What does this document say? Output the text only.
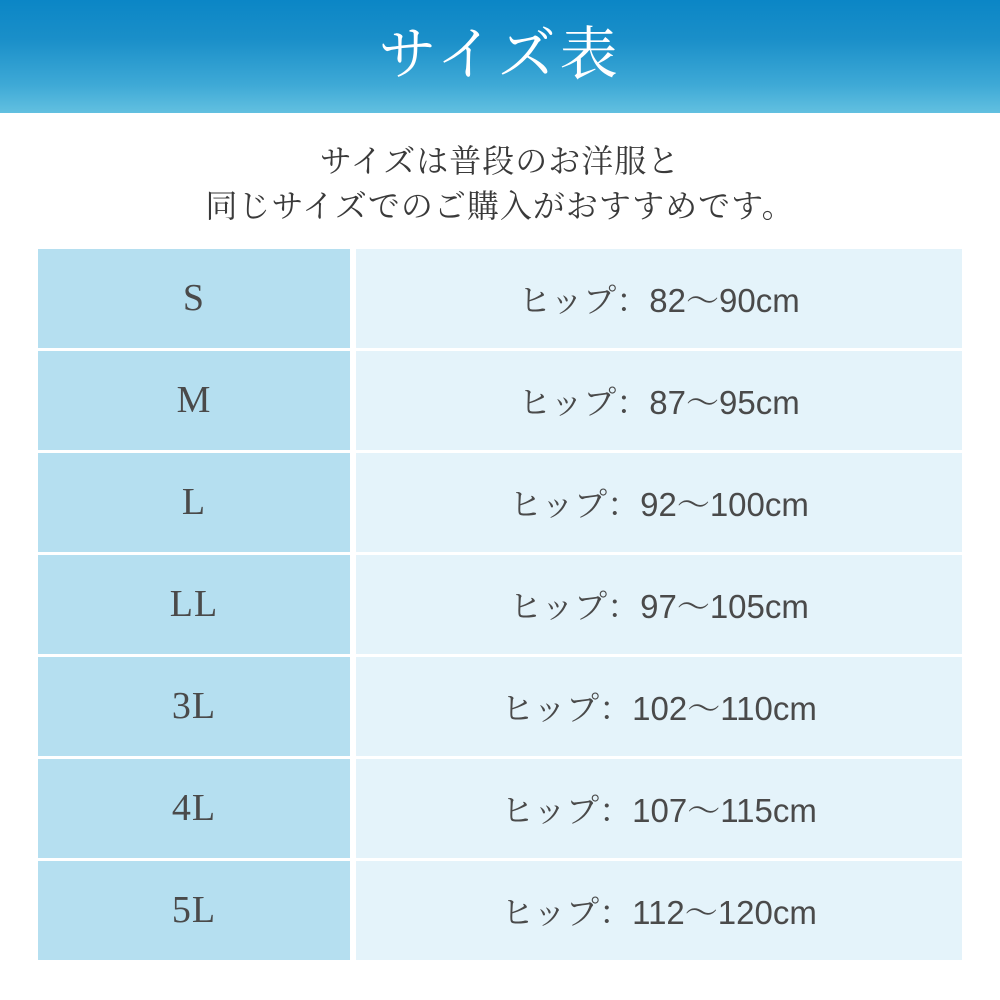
サイズ表
サイズは普段のお洋服と
同じサイズでのご購入がおすすめです。
S		ヒップ：82〜90cm
M		ヒップ：87〜95cm
L		ヒップ：92〜100cm
LL		ヒップ：97〜105cm
3L		ヒップ：102〜110cm
4L		ヒップ：107〜115cm
5L		ヒップ：112〜120cm
